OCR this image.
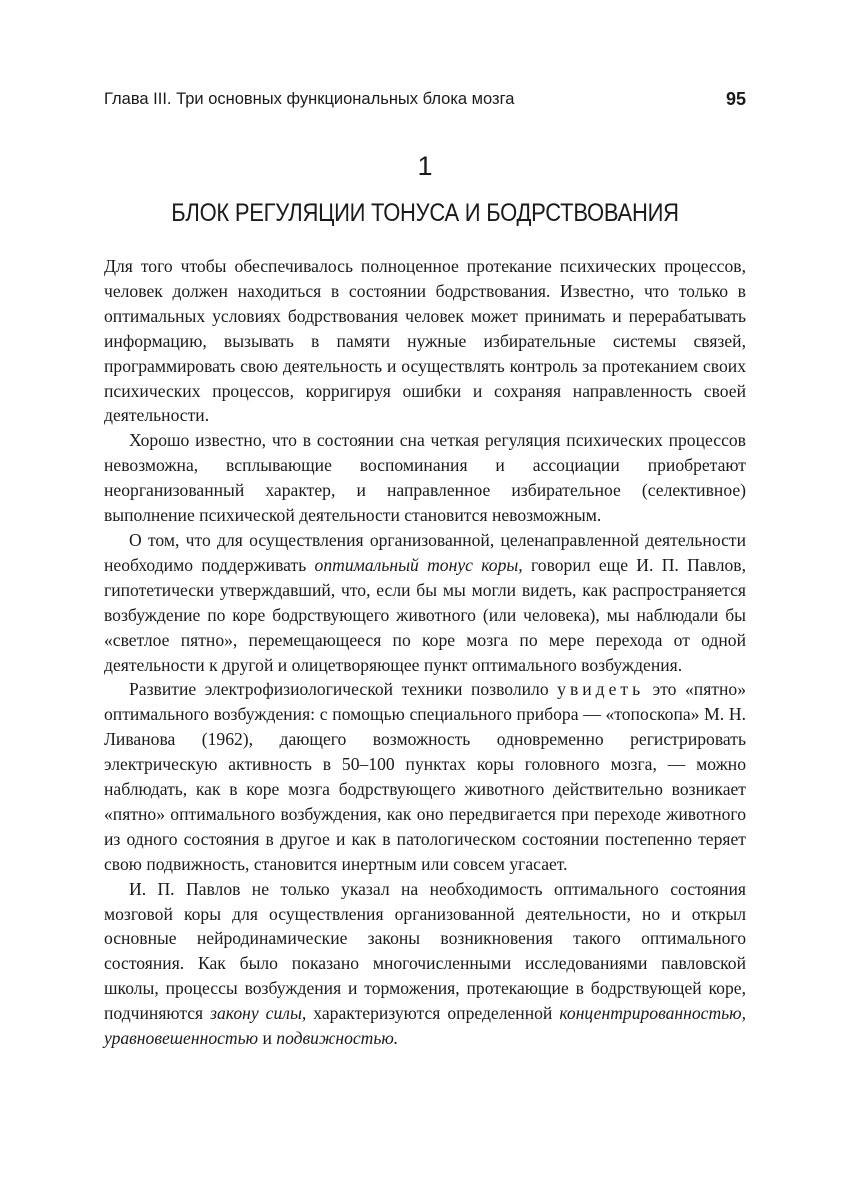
Глава III. Три основных функциональных блока мозга	95
1
БЛОК РЕГУЛЯЦИИ ТОНУСА И БОДРСТВОВАНИЯ

Для того чтобы обеспечивалось полноценное протекание психических процессов, человек должен находиться в состоянии бодрствования. Известно, что только в оптимальных условиях бодрствования человек может принимать и перерабатывать информацию, вызывать в памяти нужные избирательные системы связей, программировать свою деятельность и осуществлять контроль за протеканием своих психических процессов, корригируя ошибки и сохраняя направленность своей деятельности.

Хорошо известно, что в состоянии сна четкая регуляция психических процессов невозможна, всплывающие воспоминания и ассоциации приобретают неорганизованный характер, и направленное избирательное (селективное) выполнение психической деятельности становится невозможным.

О том, что для осуществления организованной, целенаправленной деятельности необходимо поддерживать оптимальный тонус коры, говорил еще И. П. Павлов, гипотетически утверждавший, что, если бы мы могли видеть, как распространяется возбуждение по коре бодрствующего животного (или человека), мы наблюдали бы «светлое пятно», перемещающееся по коре мозга по мере перехода от одной деятельности к другой и олицетворяющее пункт оптимального возбуждения.

Развитие электрофизиологической техники позволило увидеть это «пятно» оптимального возбуждения: с помощью специального прибора — «топоскопа» М. Н. Ливанова (1962), дающего возможность одновременно регистрировать электрическую активность в 50–100 пунктах коры головного мозга, — можно наблюдать, как в коре мозга бодрствующего животного действительно возникает «пятно» оптимального возбуждения, как оно передвигается при переходе животного из одного состояния в другое и как в патологическом состоянии постепенно теряет свою подвижность, становится инертным или совсем угасает.

И. П. Павлов не только указал на необходимость оптимального состояния мозговой коры для осуществления организованной деятельности, но и открыл основные нейродинамические законы возникновения такого оптимального состояния. Как было показано многочисленными исследованиями павловской школы, процессы возбуждения и торможения, протекающие в бодрствующей коре, подчиняются закону силы, характеризуются определенной концентрированностью, уравновешенностью и подвижностью.
